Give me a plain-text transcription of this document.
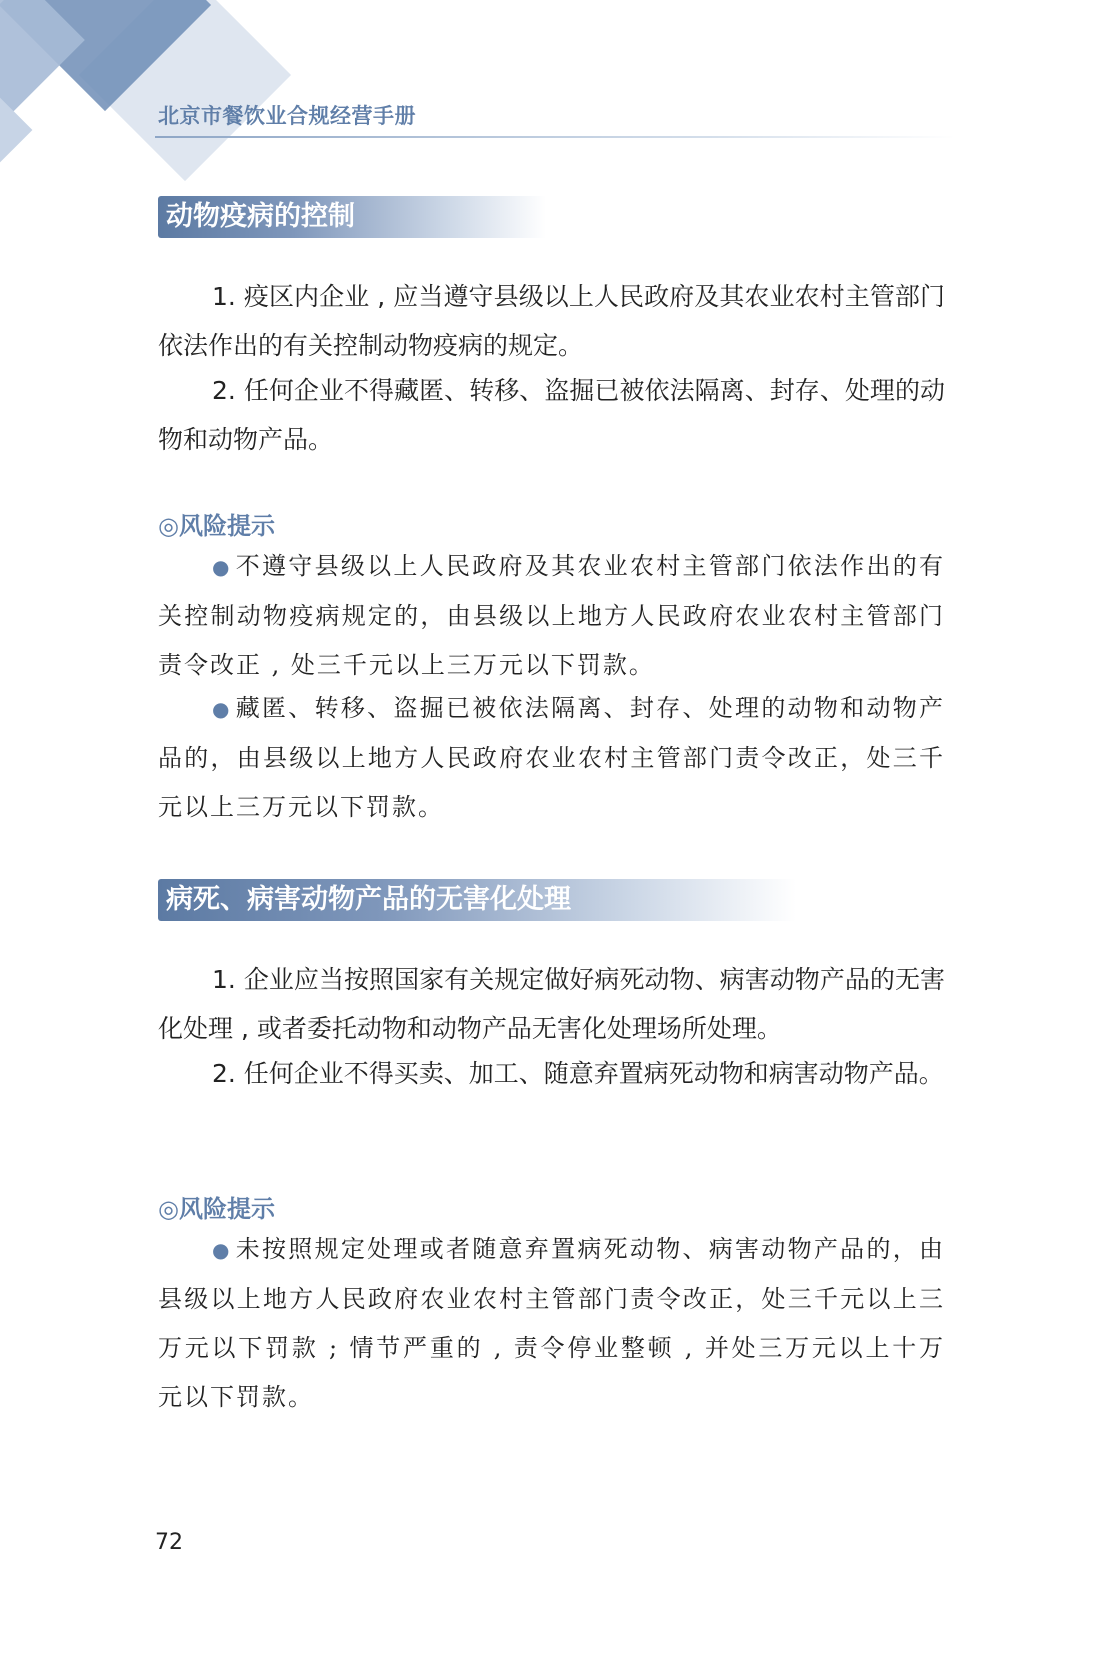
北京市餐饮业合规经营手册
动物疫病的控制

1. 疫区内企业 , 应当遵守县级以上人民政府及其农业农村主管部门依法作出的有关控制动物疫病的规定。

2. 任何企业不得藏匿、转移、盗掘已被依法隔离、封存、处理的动物和动物产品。

◎风险提示

● 不遵守县级以上人民政府及其农业农村主管部门依法作出的有关控制动物疫病规定的，由县级以上地方人民政府农业农村主管部门责令改正 , 处三千元以上三万元以下罚款。

● 藏匿、转移、盗掘已被依法隔离、封存、处理的动物和动物产品的，由县级以上地方人民政府农业农村主管部门责令改正，处三千元以上三万元以下罚款。

病死、病害动物产品的无害化处理

1. 企业应当按照国家有关规定做好病死动物、病害动物产品的无害化处理 , 或者委托动物和动物产品无害化处理场所处理。

2. 任何企业不得买卖、加工、随意弃置病死动物和病害动物产品。

◎风险提示

● 未按照规定处理或者随意弃置病死动物、病害动物产品的，由县级以上地方人民政府农业农村主管部门责令改正，处三千元以上三万元以下罚款 ; 情节严重的 , 责令停业整顿 , 并处三万元以上十万元以下罚款。

72
